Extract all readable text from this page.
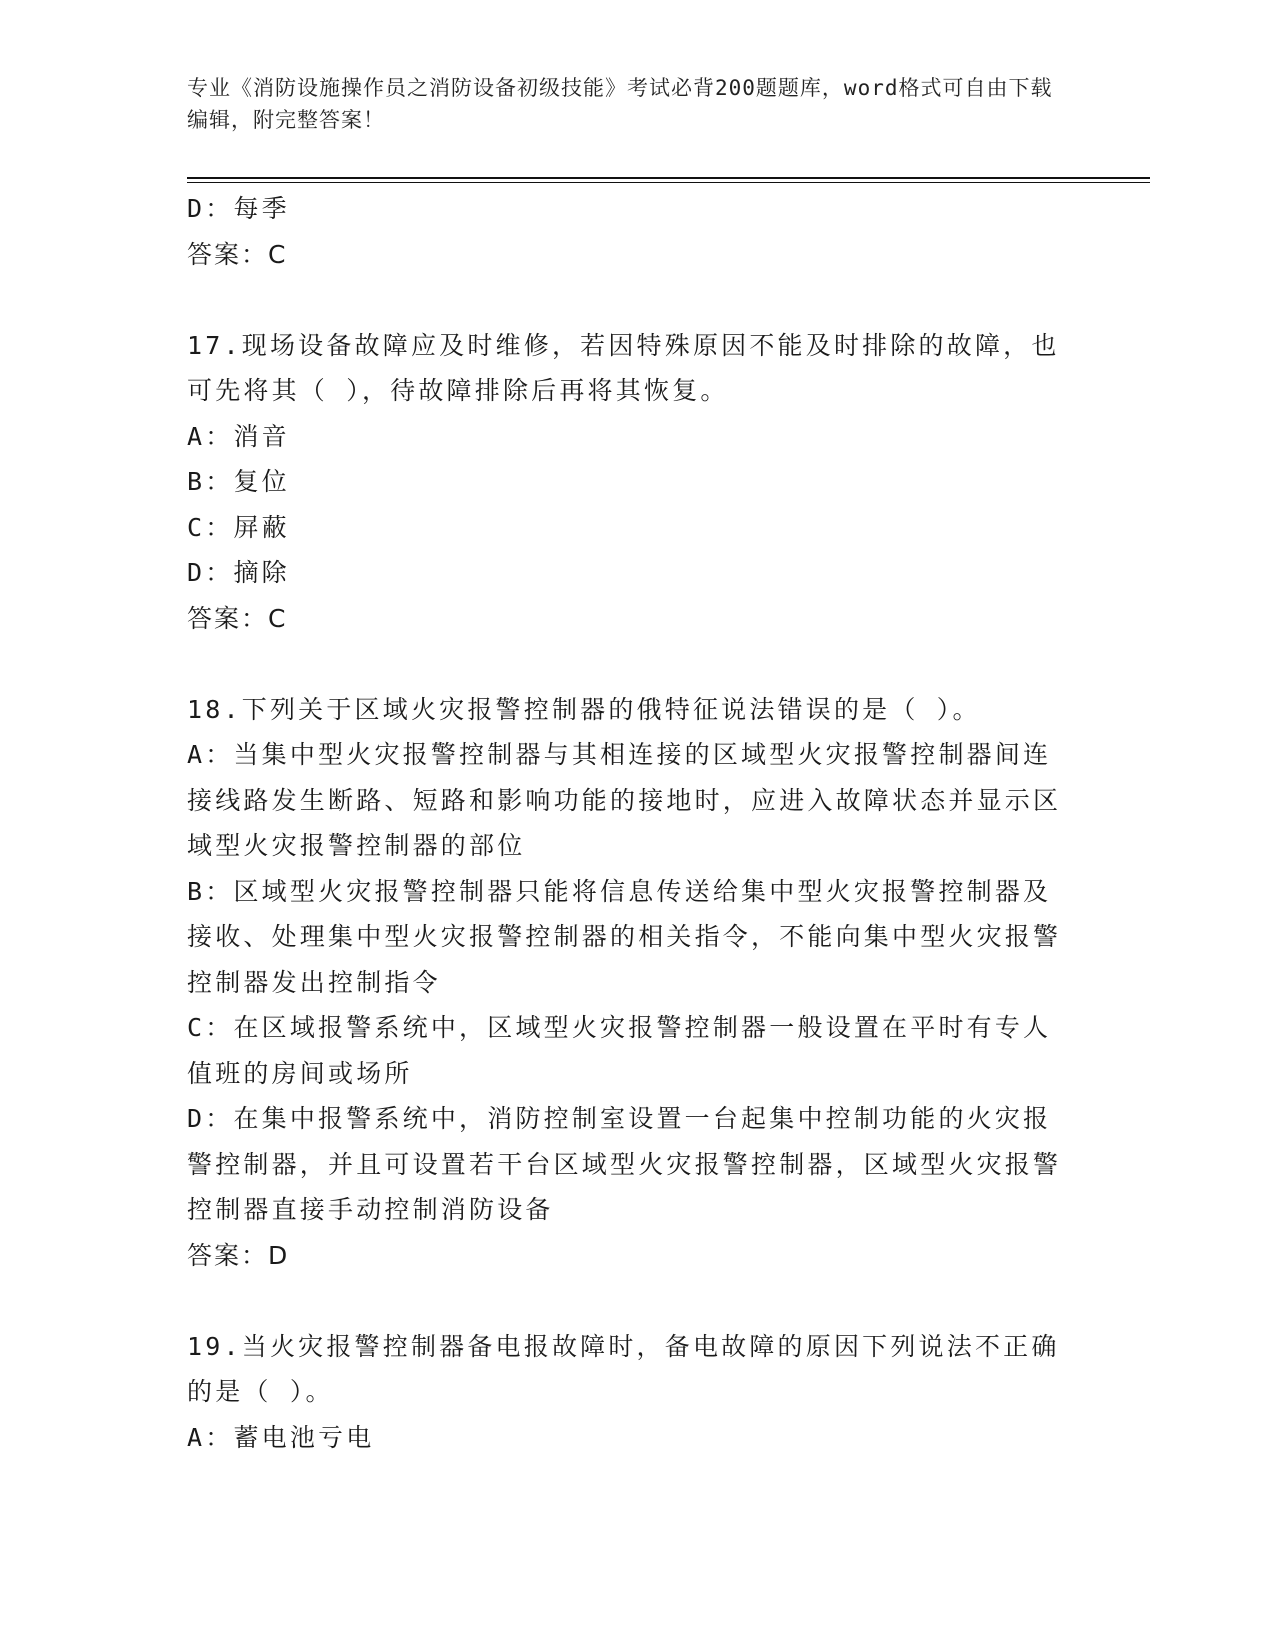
专业《消防设施操作员之消防设备初级技能》考试必背200题题库，word格式可自由下载编辑，附完整答案！

D：每季

答案：C

17.现场设备故障应及时维修，若因特殊原因不能及时排除的故障，也可先将其（ ），待故障排除后再将其恢复。

A：消音

B：复位

C：屏蔽

D：摘除

答案：C

18.下列关于区域火灾报警控制器的俄特征说法错误的是（ ）。

A：当集中型火灾报警控制器与其相连接的区域型火灾报警控制器间连接线路发生断路、短路和影响功能的接地时，应进入故障状态并显示区域型火灾报警控制器的部位

B：区域型火灾报警控制器只能将信息传送给集中型火灾报警控制器及接收、处理集中型火灾报警控制器的相关指令，不能向集中型火灾报警控制器发出控制指令

C：在区域报警系统中，区域型火灾报警控制器一般设置在平时有专人值班的房间或场所

D：在集中报警系统中，消防控制室设置一台起集中控制功能的火灾报警控制器，并且可设置若干台区域型火灾报警控制器，区域型火灾报警控制器直接手动控制消防设备

答案：D

19.当火灾报警控制器备电报故障时，备电故障的原因下列说法不正确的是（ ）。

A：蓄电池亏电
